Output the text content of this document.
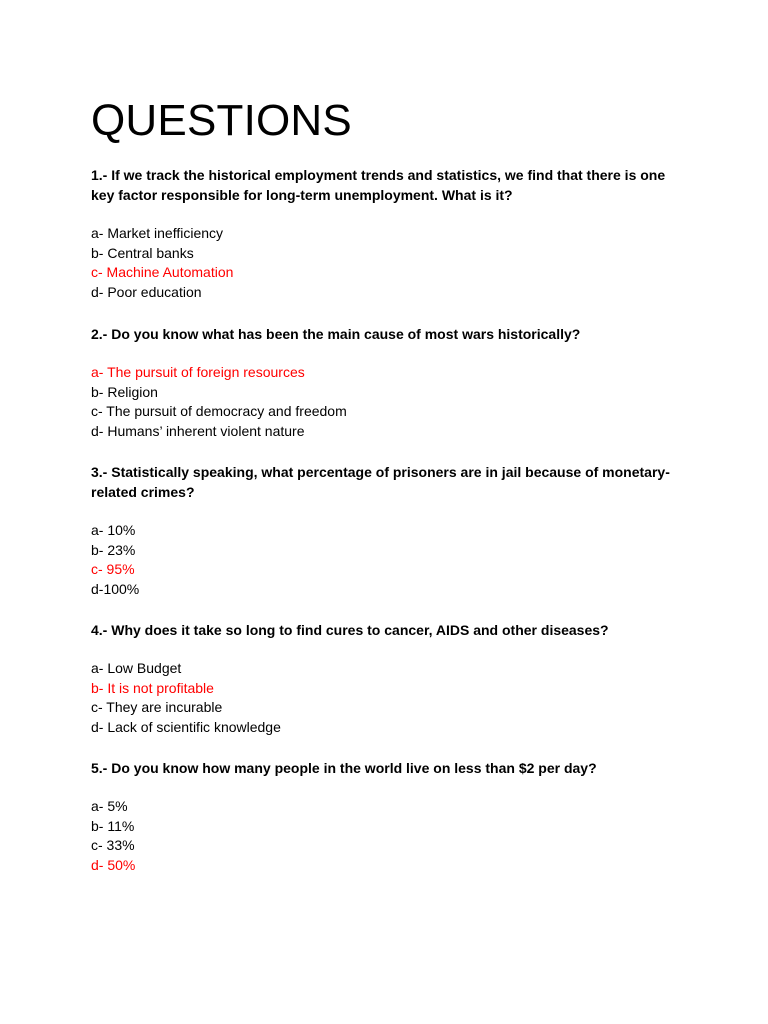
QUESTIONS

1.- If we track the historical employment trends and statistics, we find that there is one key factor responsible for long-term unemployment. What is it?

a- Market inefficiency
b- Central banks
c- Machine Automation
d- Poor education

2.- Do you know what has been the main cause of most wars historically?

a- The pursuit of foreign resources
b- Religion
c- The pursuit of democracy and freedom
d- Humans’ inherent violent nature

3.- Statistically speaking, what percentage of prisoners are in jail because of monetary-related crimes?

a- 10%
b- 23%
c- 95%
d-100%

4.- Why does it take so long to find cures to cancer, AIDS and other diseases?

a- Low Budget
b- It is not profitable
c- They are incurable
d- Lack of scientific knowledge

5.- Do you know how many people in the world live on less than $2 per day?

a- 5%
b- 11%
c- 33%
d- 50%
